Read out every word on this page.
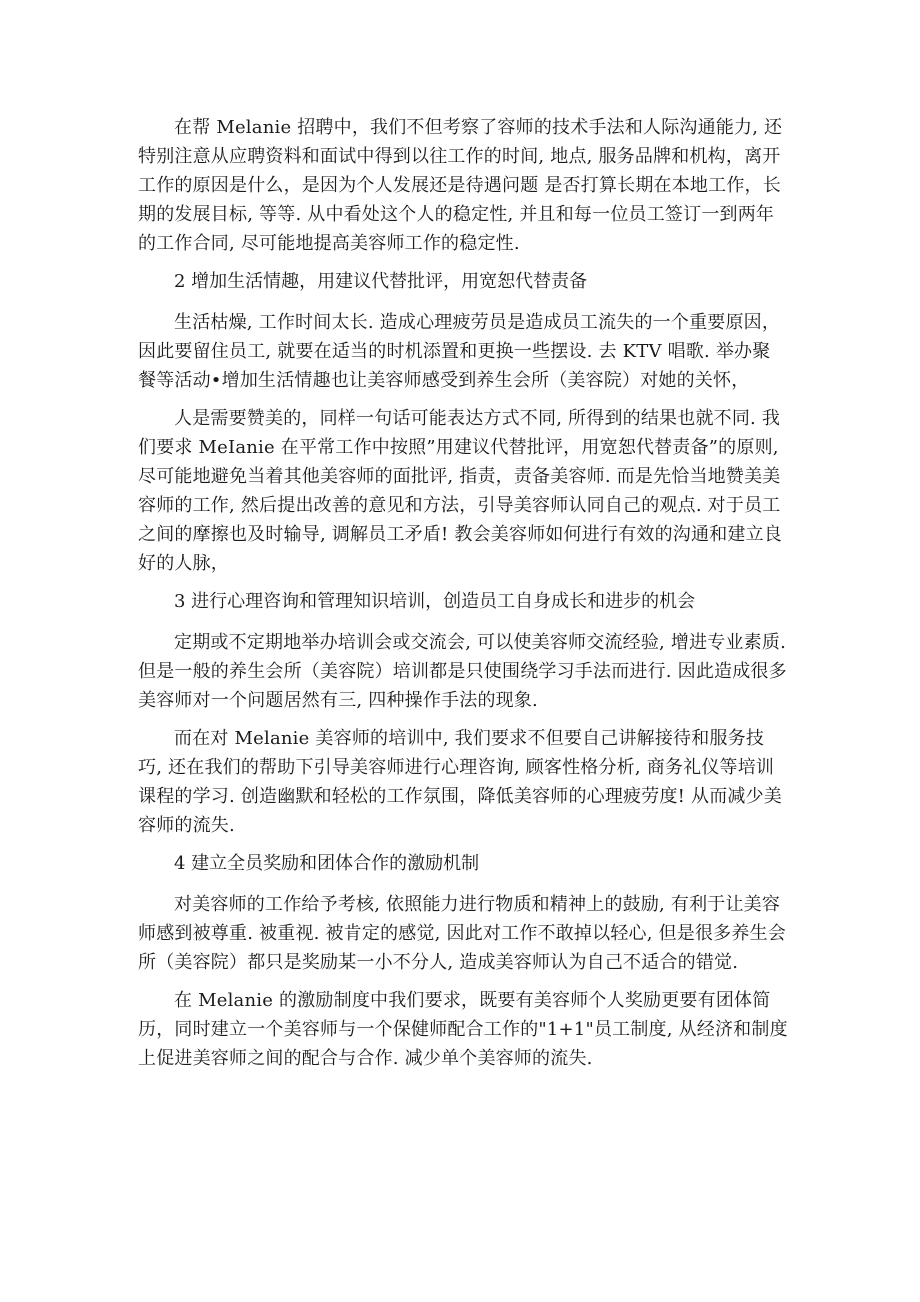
在帮 Melanie 招聘中，我们不但考察了容师的技术手法和人际沟通能力, 还特别注意从应聘资料和面试中得到以往工作的时间, 地点, 服务品牌和机构，离开工作的原因是什么，是因为个人发展还是待遇问题 是否打算长期在本地工作，长期的发展目标, 等等. 从中看处这个人的稳定性, 并且和每一位员工签订一到两年的工作合同, 尽可能地提高美容师工作的稳定性.

2 增加生活情趣，用建议代替批评，用宽恕代替责备

生活枯燥, 工作时间太长. 造成心理疲劳员是造成员工流失的一个重要原因，因此要留住员工, 就要在适当的时机添置和更换一些摆设. 去 KTV 唱歌. 举办聚餐等活动•增加生活情趣也让美容师感受到养生会所（美容院）对她的关怀，

人是需要赞美的，同样一句话可能表达方式不同, 所得到的结果也就不同. 我们要求 MeIanie 在平常工作中按照”用建议代替批评，用宽恕代替责备”的原则, 尽可能地避免当着其他美容师的面批评, 指责，责备美容师. 而是先恰当地赞美美容师的工作, 然后提出改善的意见和方法，引导美容师认同自己的观点. 对于员工之间的摩擦也及时输导, 调解员工矛盾! 教会美容师如何进行有效的沟通和建立良好的人脉，

3 进行心理咨询和管理知识培训，创造员工自身成长和进步的机会

定期或不定期地举办培训会或交流会, 可以使美容师交流经验, 增进专业素质. 但是一般的养生会所（美容院）培训都是只使围绕学习手法而进行. 因此造成很多美容师对一个问题居然有三, 四种操作手法的现象.

而在对 Melanie 美容师的培训中, 我们要求不但要自己讲解接待和服务技巧, 还在我们的帮助下引导美容师进行心理咨询, 顾客性格分析, 商务礼仪等培训课程的学习. 创造幽默和轻松的工作氛围，降低美容师的心理疲劳度! 从而减少美容师的流失.

4 建立全员奖励和团体合作的激励机制

对美容师的工作给予考核, 依照能力进行物质和精神上的鼓励, 有利于让美容师感到被尊重. 被重视. 被肯定的感觉, 因此对工作不敢掉以轻心, 但是很多养生会所（美容院）都只是奖励某一小不分人, 造成美容师认为自己不适合的错觉.

在 Melanie 的激励制度中我们要求，既要有美容师个人奖励更要有团体简历，同时建立一个美容师与一个保健师配合工作的"1+1"员工制度, 从经济和制度上促进美容师之间的配合与合作. 减少单个美容师的流失.
